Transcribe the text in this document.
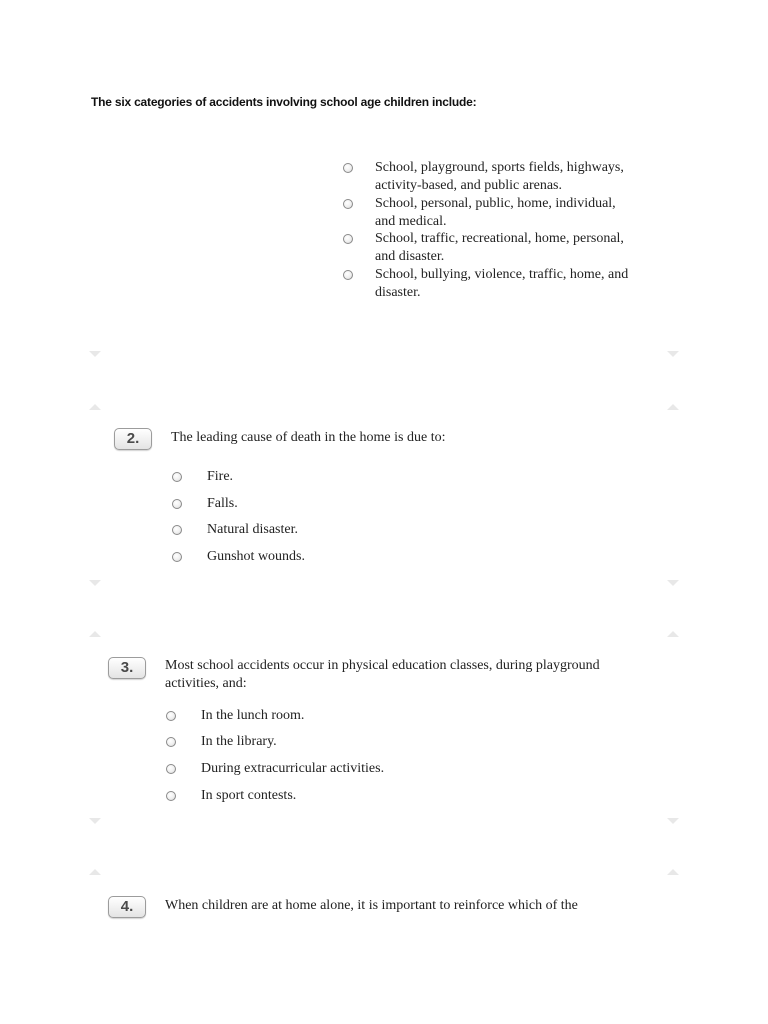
The six categories of accidents involving school age children include:
School, playground, sports fields, highways,
activity-based, and public arenas.
School, personal, public, home, individual,
and medical.
School, traffic, recreational, home, personal,
and disaster.
School, bullying, violence, traffic, home, and
disaster.
2.	The leading cause of death in the home is due to:
Fire.
Falls.
Natural disaster.
Gunshot wounds.
3.	Most school accidents occur in physical education classes, during playground
activities, and:
In the lunch room.
In the library.
During extracurricular activities.
In sport contests.
4.	When children are at home alone, it is important to reinforce which of the
